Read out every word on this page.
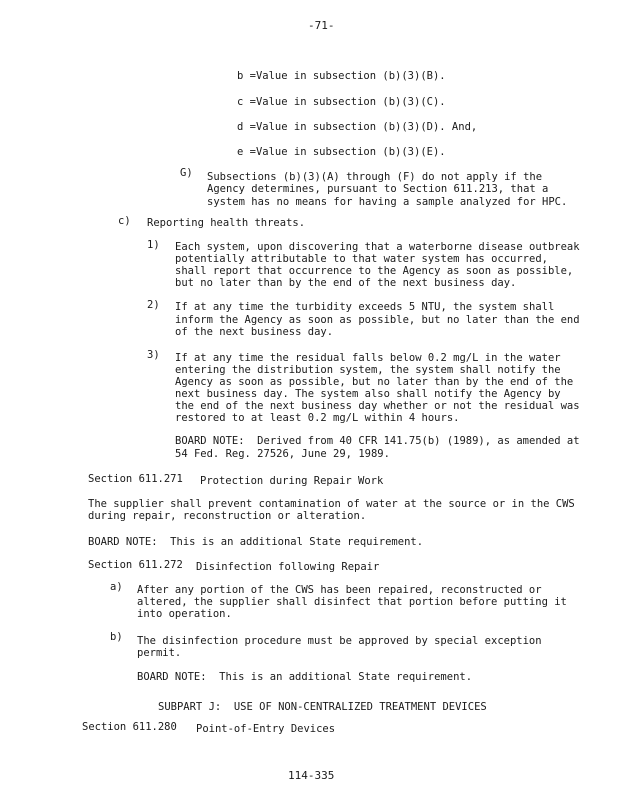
-71-
b =Value in subsection (b)(3)(B).
c =Value in subsection (b)(3)(C).
d =Value in subsection (b)(3)(D). And,
e =Value in subsection (b)(3)(E).
G) Subsections (b)(3)(A) through (F) do not apply if the
Agency determines, pursuant to Section 611.213, that a
system has no means for having a sample analyzed for HPC.
c) Reporting health threats.
1) Each system, upon discovering that a waterborne disease outbreak
potentially attributable to that water system has occurred,
shall report that occurrence to the Agency as soon as possible,
but no later than by the end of the next business day.
2) If at any time the turbidity exceeds 5 NTU, the system shall
inform the Agency as soon as possible, but no later than the end
of the next business day.
3) If at any time the residual falls below 0.2 mg/L in the water
entering the distribution system, the system shall notify the
Agency as soon as possible, but no later than by the end of the
next business day. The system also shall notify the Agency by
the end of the next business day whether or not the residual was
restored to at least 0.2 mg/L within 4 hours.
BOARD NOTE:  Derived from 40 CFR 141.75(b) (1989), as amended at
54 Fed. Reg. 27526, June 29, 1989.
Section 611.271 Protection during Repair Work
The supplier shall prevent contamination of water at the source or in the CWS
during repair, reconstruction or alteration.
BOARD NOTE:  This is an additional State requirement.
Section 611.272 Disinfection following Repair
a) After any portion of the CWS has been repaired, reconstructed or
altered, the supplier shall disinfect that portion before putting it
into operation.
b) The disinfection procedure must be approved by special exception
permit.
BOARD NOTE:  This is an additional State requirement.
SUBPART J:  USE OF NON-CENTRALIZED TREATMENT DEVICES
Section 611.280 Point-of-Entry Devices
114-335
